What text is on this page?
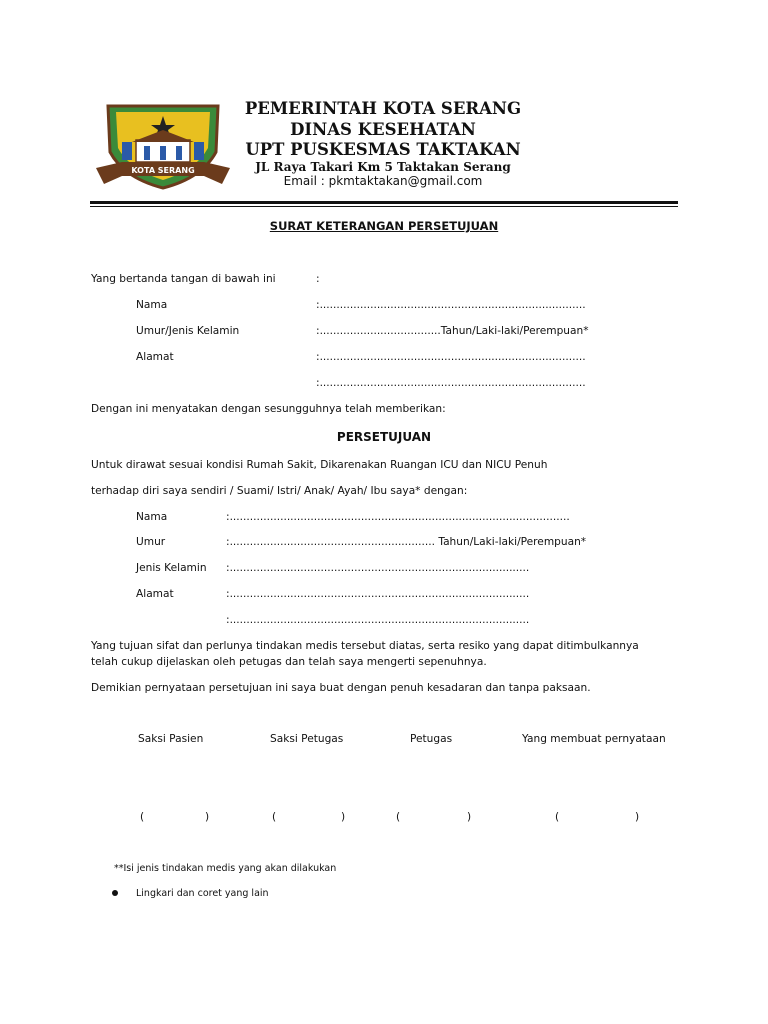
KOTA SERANG
PEMERINTAH KOTA SERANG
DINAS KESEHATAN
UPT PUSKESMAS TAKTAKAN
JL Raya Takari Km 5 Taktakan Serang
Email : pkmtaktakan@gmail.com
SURAT KETERANGAN PERSETUJUAN
Yang bertanda tangan di bawah ini	:
Nama	:...............................................................................
Umur/Jenis Kelamin	:....................................Tahun/Laki-laki/Perempuan*
Alamat	:...............................................................................
:...............................................................................
Dengan ini menyatakan dengan sesungguhnya telah memberikan:
PERSETUJUAN
Untuk dirawat sesuai kondisi Rumah Sakit, Dikarenakan Ruangan ICU dan NICU Penuh
terhadap diri saya sendiri / Suami/ Istri/ Anak/ Ayah/ Ibu saya* dengan:
Nama	:.....................................................................................................
Umur	:............................................................. Tahun/Laki-laki/Perempuan*
Jenis Kelamin :.........................................................................................
Alamat	:.........................................................................................
:.........................................................................................
Yang tujuan sifat dan perlunya tindakan medis tersebut diatas, serta resiko yang dapat ditimbulkannya
telah cukup dijelaskan oleh petugas dan telah saya mengerti sepenuhnya.
Demikian pernyataan persetujuan ini saya buat dengan penuh kesadaran dan tanpa paksaan.
Saksi Pasien	Saksi Petugas	Petugas	Yang membuat pernyataan
(	)	(	)	(	)	(	)
**Isi jenis tindakan medis yang akan dilakukan
Lingkari dan coret yang lain
